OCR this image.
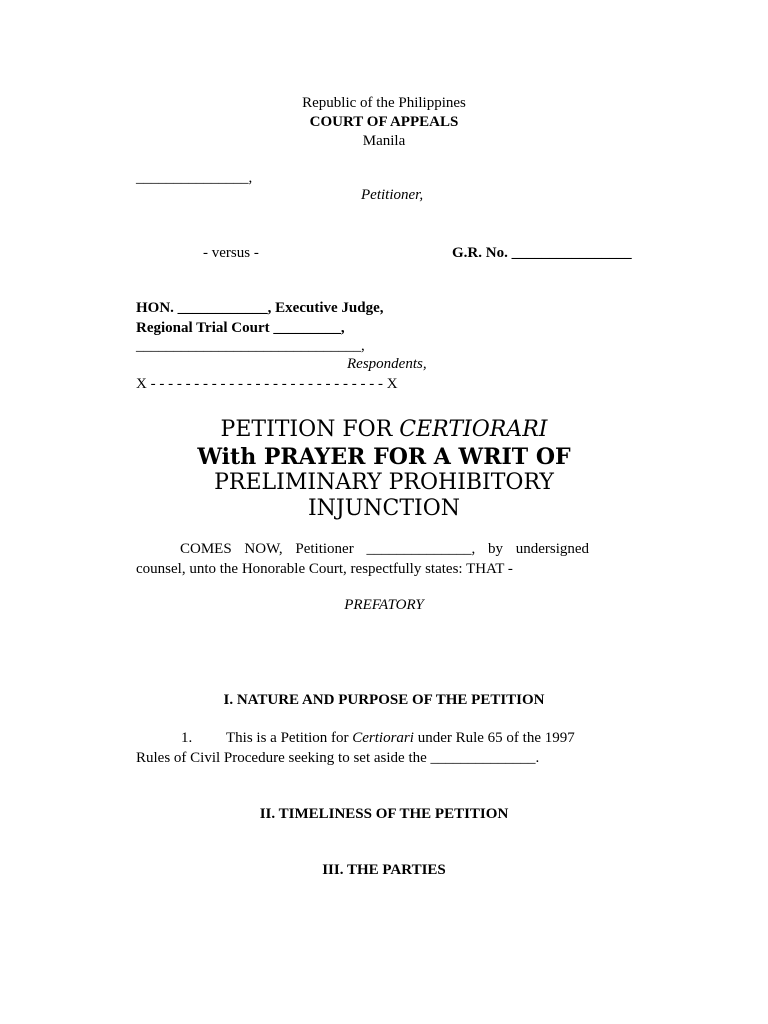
Republic of the Philippines
COURT OF APPEALS
Manila
_______________,
Petitioner,
- versus -	G.R. No. ________________
HON. ____________, Executive Judge,
Regional Trial Court _________,
______________________________,
Respondents,
X - - - - - - - - - - - - - - - - - - - - - - - - - - - X
PETITION FOR CERTIORARI
With PRAYER FOR A WRIT OF
PRELIMINARY PROHIBITORY
INJUNCTION
COMES NOW, Petitioner ______________, by undersigned
counsel, unto the Honorable Court, respectfully states: THAT -
PREFATORY
I. NATURE AND PURPOSE OF THE PETITION
1. This is a Petition for Certiorari under Rule 65 of the 1997
Rules of Civil Procedure seeking to set aside the ______________.
II. TIMELINESS OF THE PETITION
III. THE PARTIES
